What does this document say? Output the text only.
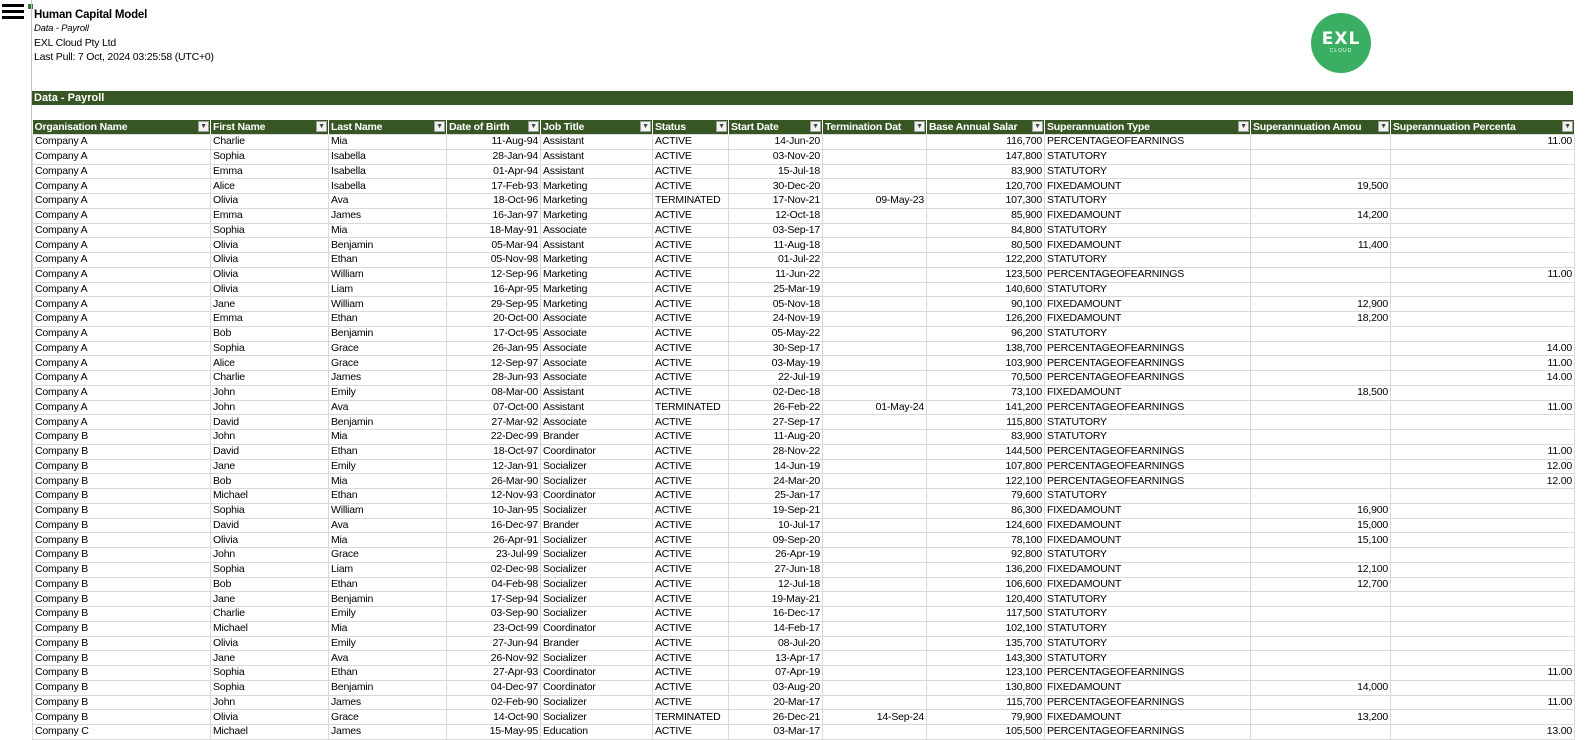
Human Capital Model
Data - Payroll
EXL Cloud Pty Ltd
Last Pull: 7 Oct, 2024 03:25:58 (UTC+0)
EXL
CLOUD
Data - Payroll
Organisation Name ▼	First Name ▼	Last Name ▼	Date of Birth ▼	Job Title ▼	Status ▼	Start Date ▼	Termination Dat ▼	Base Annual Salar ▼	Superannuation Type ▼	Superannuation Amou ▼	Superannuation Percenta ▼

Company A	Charlie	Mia	11-Aug-94	Assistant	ACTIVE	14-Jun-20		116,700	PERCENTAGEOFEARNINGS		11.00
Company A	Sophia	Isabella	28-Jan-94	Assistant	ACTIVE	03-Nov-20		147,800	STATUTORY		
Company A	Emma	Isabella	01-Apr-94	Assistant	ACTIVE	15-Jul-18		83,900	STATUTORY		
Company A	Alice	Isabella	17-Feb-93	Marketing	ACTIVE	30-Dec-20		120,700	FIXEDAMOUNT	19,500	
Company A	Olivia	Ava	18-Oct-96	Marketing	TERMINATED	17-Nov-21	09-May-23	107,300	STATUTORY		
Company A	Emma	James	16-Jan-97	Marketing	ACTIVE	12-Oct-18		85,900	FIXEDAMOUNT	14,200	
Company A	Sophia	Mia	18-May-91	Associate	ACTIVE	03-Sep-17		84,800	STATUTORY		
Company A	Olivia	Benjamin	05-Mar-94	Assistant	ACTIVE	11-Aug-18		80,500	FIXEDAMOUNT	11,400	
Company A	Olivia	Ethan	05-Nov-98	Marketing	ACTIVE	01-Jul-22		122,200	STATUTORY		
Company A	Olivia	William	12-Sep-96	Marketing	ACTIVE	11-Jun-22		123,500	PERCENTAGEOFEARNINGS		11.00
Company A	Olivia	Liam	16-Apr-95	Marketing	ACTIVE	25-Mar-19		140,600	STATUTORY		
Company A	Jane	William	29-Sep-95	Marketing	ACTIVE	05-Nov-18		90,100	FIXEDAMOUNT	12,900	
Company A	Emma	Ethan	20-Oct-00	Associate	ACTIVE	24-Nov-19		126,200	FIXEDAMOUNT	18,200	
Company A	Bob	Benjamin	17-Oct-95	Associate	ACTIVE	05-May-22		96,200	STATUTORY		
Company A	Sophia	Grace	26-Jan-95	Associate	ACTIVE	30-Sep-17		138,700	PERCENTAGEOFEARNINGS		14.00
Company A	Alice	Grace	12-Sep-97	Associate	ACTIVE	03-May-19		103,900	PERCENTAGEOFEARNINGS		11.00
Company A	Charlie	James	28-Jun-93	Associate	ACTIVE	22-Jul-19		70,500	PERCENTAGEOFEARNINGS		14.00
Company A	John	Emily	08-Mar-00	Assistant	ACTIVE	02-Dec-18		73,100	FIXEDAMOUNT	18,500	
Company A	John	Ava	07-Oct-00	Assistant	TERMINATED	26-Feb-22	01-May-24	141,200	PERCENTAGEOFEARNINGS		11.00
Company A	David	Benjamin	27-Mar-92	Associate	ACTIVE	27-Sep-17		115,800	STATUTORY		
Company B	John	Mia	22-Dec-99	Brander	ACTIVE	11-Aug-20		83,900	STATUTORY		
Company B	David	Ethan	18-Oct-97	Coordinator	ACTIVE	28-Nov-22		144,500	PERCENTAGEOFEARNINGS		11.00
Company B	Jane	Emily	12-Jan-91	Socializer	ACTIVE	14-Jun-19		107,800	PERCENTAGEOFEARNINGS		12.00
Company B	Bob	Mia	26-Mar-90	Socializer	ACTIVE	24-Mar-20		122,100	PERCENTAGEOFEARNINGS		12.00
Company B	Michael	Ethan	12-Nov-93	Coordinator	ACTIVE	25-Jan-17		79,600	STATUTORY		
Company B	Sophia	William	10-Jan-95	Socializer	ACTIVE	19-Sep-21		86,300	FIXEDAMOUNT	16,900	
Company B	David	Ava	16-Dec-97	Brander	ACTIVE	10-Jul-17		124,600	FIXEDAMOUNT	15,000	
Company B	Olivia	Mia	26-Apr-91	Socializer	ACTIVE	09-Sep-20		78,100	FIXEDAMOUNT	15,100	
Company B	John	Grace	23-Jul-99	Socializer	ACTIVE	26-Apr-19		92,800	STATUTORY		
Company B	Sophia	Liam	02-Dec-98	Socializer	ACTIVE	27-Jun-18		136,200	FIXEDAMOUNT	12,100	
Company B	Bob	Ethan	04-Feb-98	Socializer	ACTIVE	12-Jul-18		106,600	FIXEDAMOUNT	12,700	
Company B	Jane	Benjamin	17-Sep-94	Socializer	ACTIVE	19-May-21		120,400	STATUTORY		
Company B	Charlie	Emily	03-Sep-90	Socializer	ACTIVE	16-Dec-17		117,500	STATUTORY		
Company B	Michael	Mia	23-Oct-99	Coordinator	ACTIVE	14-Feb-17		102,100	STATUTORY		
Company B	Olivia	Emily	27-Jun-94	Brander	ACTIVE	08-Jul-20		135,700	STATUTORY		
Company B	Jane	Ava	26-Nov-92	Socializer	ACTIVE	13-Apr-17		143,300	STATUTORY		
Company B	Sophia	Ethan	27-Apr-93	Coordinator	ACTIVE	07-Apr-19		123,100	PERCENTAGEOFEARNINGS		11.00
Company B	Sophia	Benjamin	04-Dec-97	Coordinator	ACTIVE	03-Aug-20		130,800	FIXEDAMOUNT	14,000	
Company B	John	James	02-Feb-90	Socializer	ACTIVE	20-Mar-17		115,700	PERCENTAGEOFEARNINGS		11.00
Company B	Olivia	Grace	14-Oct-90	Socializer	TERMINATED	26-Dec-21	14-Sep-24	79,900	FIXEDAMOUNT	13,200	
Company C	Michael	James	15-May-95	Education	ACTIVE	03-Mar-17		105,500	PERCENTAGEOFEARNINGS		13.00
